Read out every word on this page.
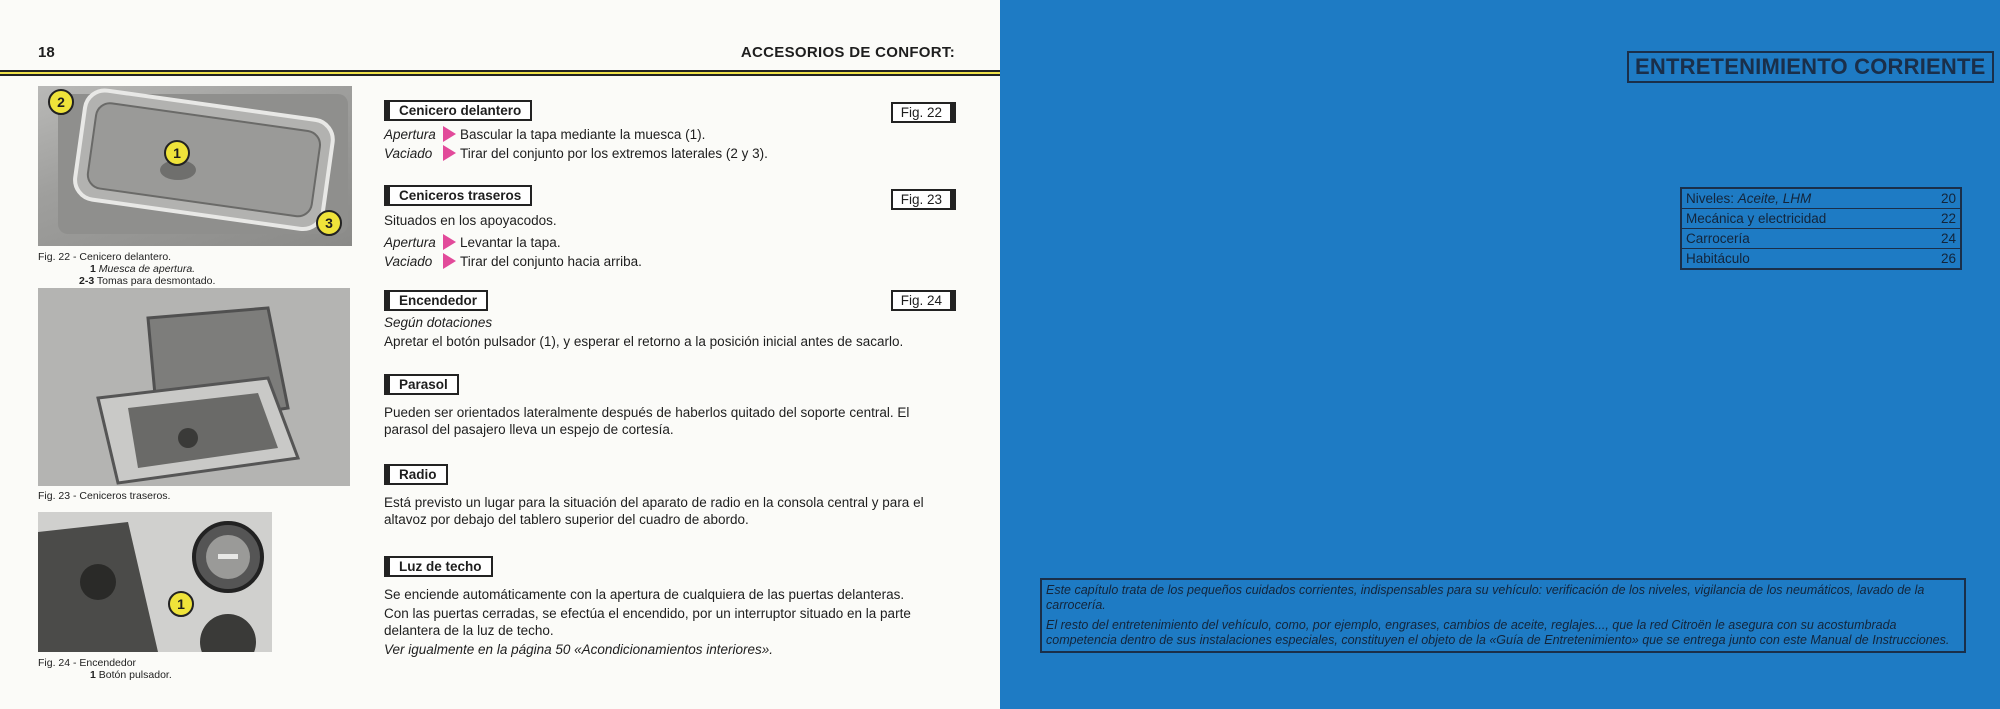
18	ACCESORIOS DE CONFORT:
2
1
3
Fig. 22 - Cenicero delantero.
1 Muesca de apertura.
2-3 Tomas para desmontado.
Fig. 23 - Ceniceros traseros.
1
Fig. 24 - Encendedor
1 Botón pulsador.
Cenicero delantero	Fig. 22
Apertura Bascular la tapa mediante la muesca (1).
Vaciado Tirar del conjunto por los extremos laterales (2 y 3).
Ceniceros traseros	Fig. 23
Situados en los apoyacodos.
Apertura Levantar la tapa.
Vaciado Tirar del conjunto hacia arriba.
Encendedor	Fig. 24
Según dotaciones
Apretar el botón pulsador (1), y esperar el retorno a la posición inicial antes de sacarlo.
Parasol
Pueden ser orientados lateralmente después de haberlos quitado del soporte central. El parasol del pasajero lleva un espejo de cortesía.
Radio
Está previsto un lugar para la situación del aparato de radio en la consola central y para el altavoz por debajo del tablero superior del cuadro de abordo.
Luz de techo
Se enciende automáticamente con la apertura de cualquiera de las puertas delanteras.
Con las puertas cerradas, se efectúa el encendido, por un interruptor situado en la parte delantera de la luz de techo.
Ver igualmente en la página 50 «Acondicionamientos interiores».
ENTRETENIMIENTO CORRIENTE
Niveles: Aceite, LHM	20
Mecánica y electricidad	22
Carrocería	24
Habitáculo	26

Este capítulo trata de los pequeños cuidados corrientes, indispensables para su vehículo: verificación de los niveles, vigilancia de los neumáticos, lavado de la carrocería.

El resto del entretenimiento del vehículo, como, por ejemplo, engrases, cambios de aceite, reglajes..., que la red Citroën le asegura con su acostumbrada competencia dentro de sus instalaciones especiales, constituyen el objeto de la «Guía de Entretenimiento» que se entrega junto con este Manual de Instrucciones.
